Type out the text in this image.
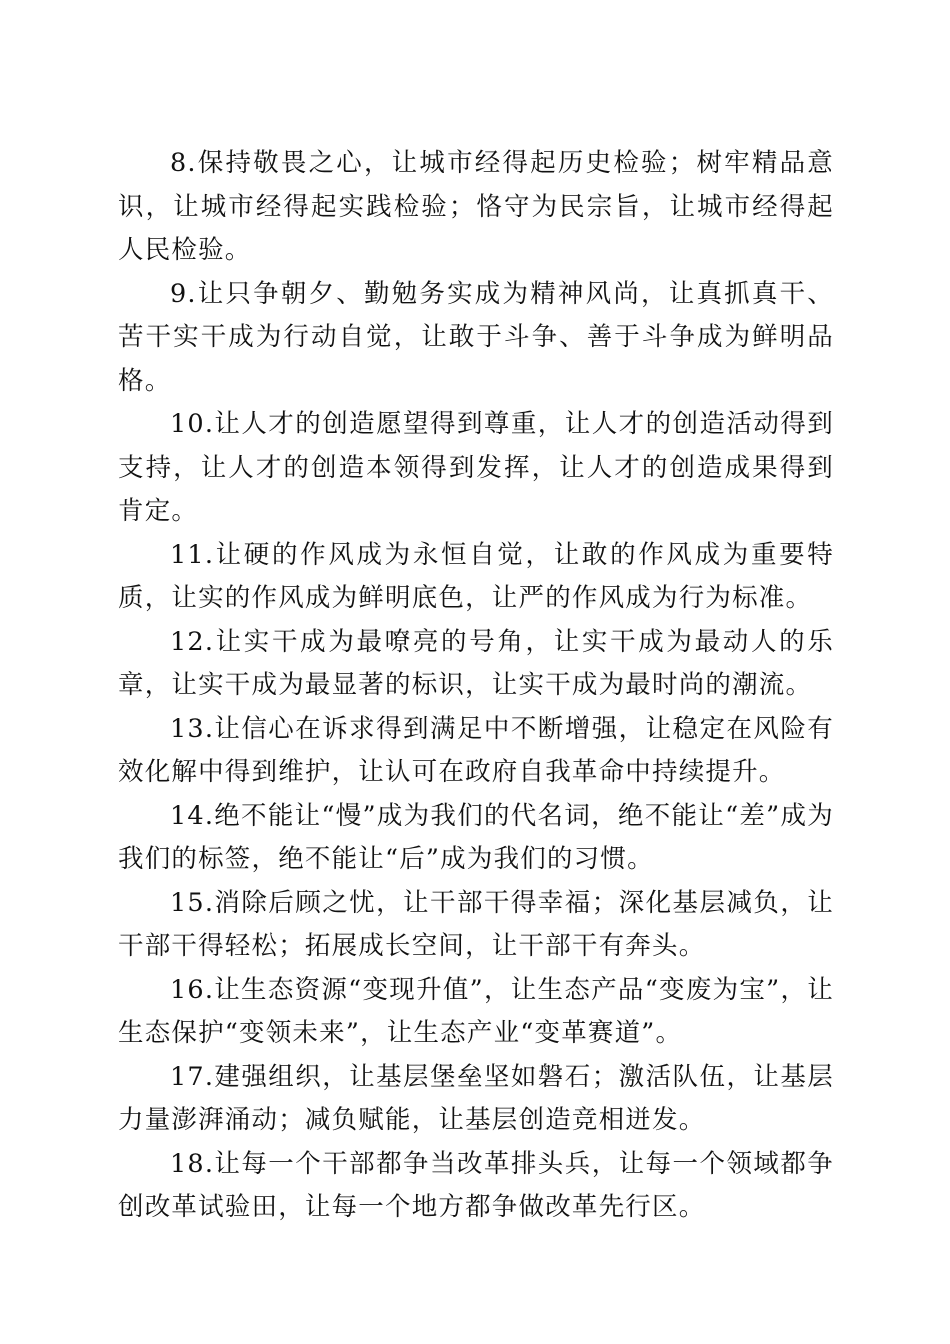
8.保持敬畏之心，让城市经得起历史检验；树牢精品意识，让城市经得起实践检验；恪守为民宗旨，让城市经得起人民检验。

9.让只争朝夕、勤勉务实成为精神风尚，让真抓真干、苦干实干成为行动自觉，让敢于斗争、善于斗争成为鲜明品格。

10.让人才的创造愿望得到尊重，让人才的创造活动得到支持，让人才的创造本领得到发挥，让人才的创造成果得到肯定。

11.让硬的作风成为永恒自觉，让敢的作风成为重要特质，让实的作风成为鲜明底色，让严的作风成为行为标准。

12.让实干成为最嘹亮的号角，让实干成为最动人的乐章，让实干成为最显著的标识，让实干成为最时尚的潮流。

13.让信心在诉求得到满足中不断增强，让稳定在风险有效化解中得到维护，让认可在政府自我革命中持续提升。

14.绝不能让“慢”成为我们的代名词，绝不能让“差”成为我们的标签，绝不能让“后”成为我们的习惯。

15.消除后顾之忧，让干部干得幸福；深化基层减负，让干部干得轻松；拓展成长空间，让干部干有奔头。

16.让生态资源“变现升值”，让生态产品“变废为宝”，让生态保护“变领未来”，让生态产业“变革赛道”。

17.建强组织，让基层堡垒坚如磐石；激活队伍，让基层力量澎湃涌动；减负赋能，让基层创造竞相迸发。

18.让每一个干部都争当改革排头兵，让每一个领域都争创改革试验田，让每一个地方都争做改革先行区。
